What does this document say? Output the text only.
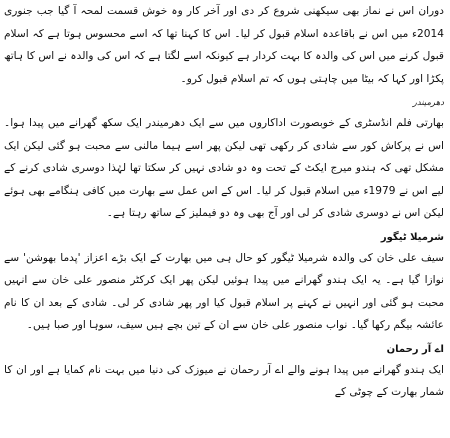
دوران اس نے نماز بھی سیکھنی شروع کر دی اور آخر کار وہ خوش قسمت لمحہ آ گیا جب جنوری 2014ء میں اس نے باقاعدہ اسلام قبول کر لیا۔ اس کا کہنا تھا کہ اسے محسوس ہوتا ہے کہ اسلام قبول کرنے میں اس کی والدہ کا بہت کردار ہے کیونکہ اسے لگتا ہے کہ اس کی والدہ نے اس کا ہاتھ پکڑا اور کہا کہ بیٹا میں چاہتی ہوں کہ تم اسلام قبول کرو۔

دھرمیندر

بھارتی فلم انڈسٹری کے خوبصورت اداکاروں میں سے ایک دھرمیندر ایک سکھ گھرانے میں پیدا ہوا۔ اس نے پرکاش کور سے شادی کر رکھی تھی لیکن پھر اسے ہیما مالنی سے محبت ہو گئی لیکن ایک مشکل تھی کہ ہندو میرج ایکٹ کے تحت وہ دو شادی نہیں کر سکتا تھا لہٰذا دوسری شادی کرنے کے لیے اس نے 1979ء میں اسلام قبول کر لیا۔ اس کے اس عمل سے بھارت میں کافی ہنگامے بھی ہوئے لیکن اس نے دوسری شادی کر لی اور آج بھی وہ دو فیملیز کے ساتھ رہتا ہے۔

شرمیلا ٹیگور

سیف علی خان کی والدہ شرمیلا ٹیگور کو حال ہی میں بھارت کے ایک بڑے اعزاز 'پدما بھوشن' سے نوازا گیا ہے۔ یہ ایک ہندو گھرانے میں پیدا ہوئیں لیکن پھر ایک کرکٹر منصور علی خان سے انہیں محبت ہو گئی اور انہیں نے کہنے پر اسلام قبول کیا اور پھر شادی کر لی۔ شادی کے بعد ان کا نام عائشہ بیگم رکھا گیا۔ نواب منصور علی خان سے ان کے تین بچے ہیں سیف، سوہا اور صبا ہیں۔

اے آر رحمان

ایک ہندو گھرانے میں پیدا ہونے والے اے آر رحمان نے میوزک کی دنیا میں بہت نام کمایا ہے اور ان کا شمار بھارت کے چوٹی کے
